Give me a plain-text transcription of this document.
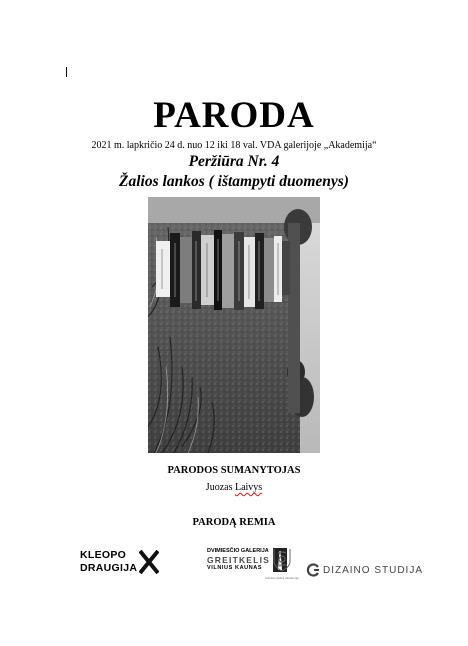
PARODA
2021 m. lapkričio 24 d. nuo 12 iki 18 val. VDA galerijoje „Akademija“
Peržiūra Nr. 4
Žalios lankos ( ištampyti duomenys)
PARODOS SUMANYTOJAS
Juozas Laivys
PARODĄ REMIA
KLEOPO
DRAUGIJA
DVIMIESČIO GALERIJA
GREITKELIS
VILNIUS KAUNAS
Vilniaus dailės akademija
DIZAINO STUDIJA
